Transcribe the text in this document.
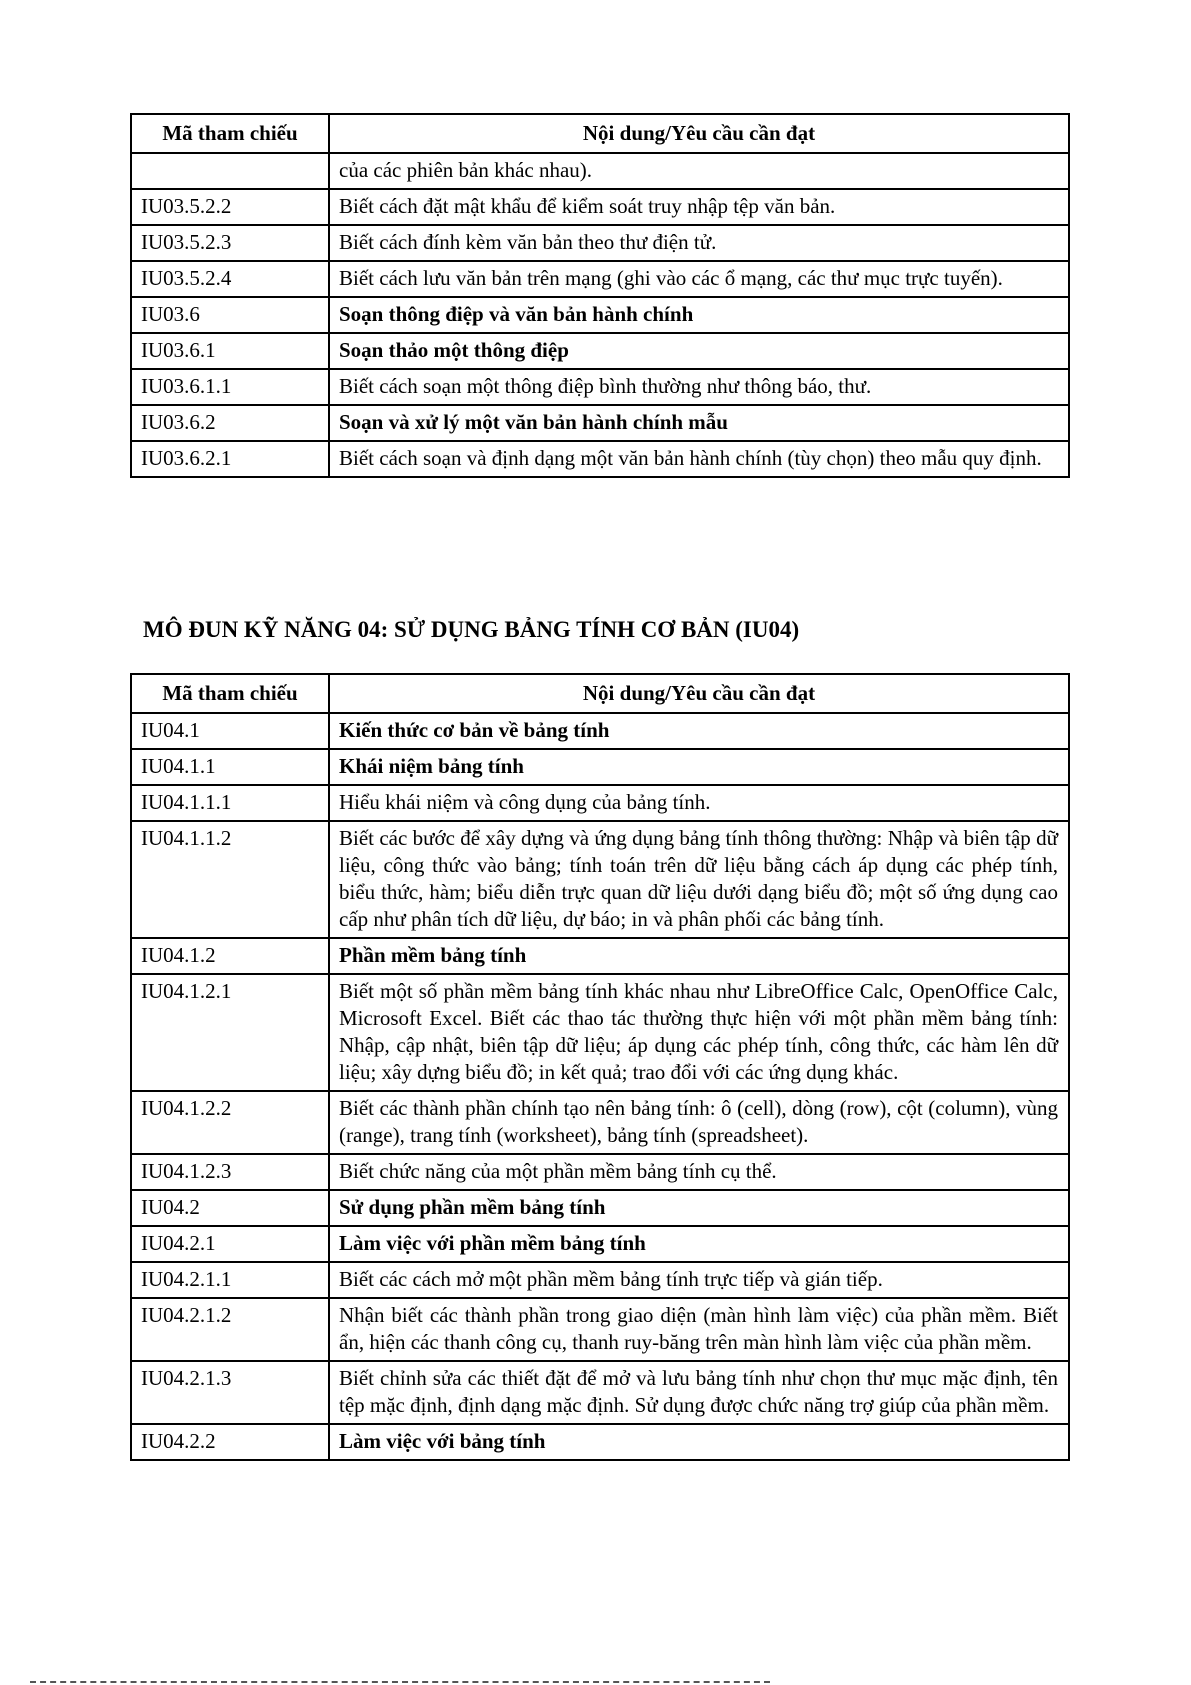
Mã tham chiếu	Nội dung/Yêu cầu cần đạt
	của các phiên bản khác nhau).
IU03.5.2.2	Biết cách đặt mật khẩu để kiểm soát truy nhập tệp văn bản.
IU03.5.2.3	Biết cách đính kèm văn bản theo thư điện tử.
IU03.5.2.4	Biết cách lưu văn bản trên mạng (ghi vào các ổ mạng, các thư mục trực tuyến).
IU03.6	Soạn thông điệp và văn bản hành chính
IU03.6.1	Soạn thảo một thông điệp
IU03.6.1.1	Biết cách soạn một thông điệp bình thường như thông báo, thư.
IU03.6.2	Soạn và xử lý một văn bản hành chính mẫu
IU03.6.2.1	Biết cách soạn và định dạng một văn bản hành chính (tùy chọn) theo mẫu quy định.
MÔ ĐUN KỸ NĂNG 04: SỬ DỤNG BẢNG TÍNH CƠ BẢN (IU04)
Mã tham chiếu	Nội dung/Yêu cầu cần đạt
IU04.1	Kiến thức cơ bản về bảng tính
IU04.1.1	Khái niệm bảng tính
IU04.1.1.1	Hiểu khái niệm và công dụng của bảng tính.
IU04.1.1.2	Biết các bước để xây dựng và ứng dụng bảng tính thông thường: Nhập và biên tập dữ liệu, công thức vào bảng; tính toán trên dữ liệu bằng cách áp dụng các phép tính, biểu thức, hàm; biểu diễn trực quan dữ liệu dưới dạng biểu đồ; một số ứng dụng cao cấp như phân tích dữ liệu, dự báo; in và phân phối các bảng tính.
IU04.1.2	Phần mềm bảng tính
IU04.1.2.1	Biết một số phần mềm bảng tính khác nhau như LibreOffice Calc, OpenOffice Calc, Microsoft Excel. Biết các thao tác thường thực hiện với một phần mềm bảng tính: Nhập, cập nhật, biên tập dữ liệu; áp dụng các phép tính, công thức, các hàm lên dữ liệu; xây dựng biểu đồ; in kết quả; trao đổi với các ứng dụng khác.
IU04.1.2.2	Biết các thành phần chính tạo nên bảng tính: ô (cell), dòng (row), cột (column), vùng (range), trang tính (worksheet), bảng tính (spreadsheet).
IU04.1.2.3	Biết chức năng của một phần mềm bảng tính cụ thể.
IU04.2	Sử dụng phần mềm bảng tính
IU04.2.1	Làm việc với phần mềm bảng tính
IU04.2.1.1	Biết các cách mở một phần mềm bảng tính trực tiếp và gián tiếp.
IU04.2.1.2	Nhận biết các thành phần trong giao diện (màn hình làm việc) của phần mềm. Biết ẩn, hiện các thanh công cụ, thanh ruy-băng trên màn hình làm việc của phần mềm.
IU04.2.1.3	Biết chỉnh sửa các thiết đặt để mở và lưu bảng tính như chọn thư mục mặc định, tên tệp mặc định, định dạng mặc định. Sử dụng được chức năng trợ giúp của phần mềm.
IU04.2.2	Làm việc với bảng tính
